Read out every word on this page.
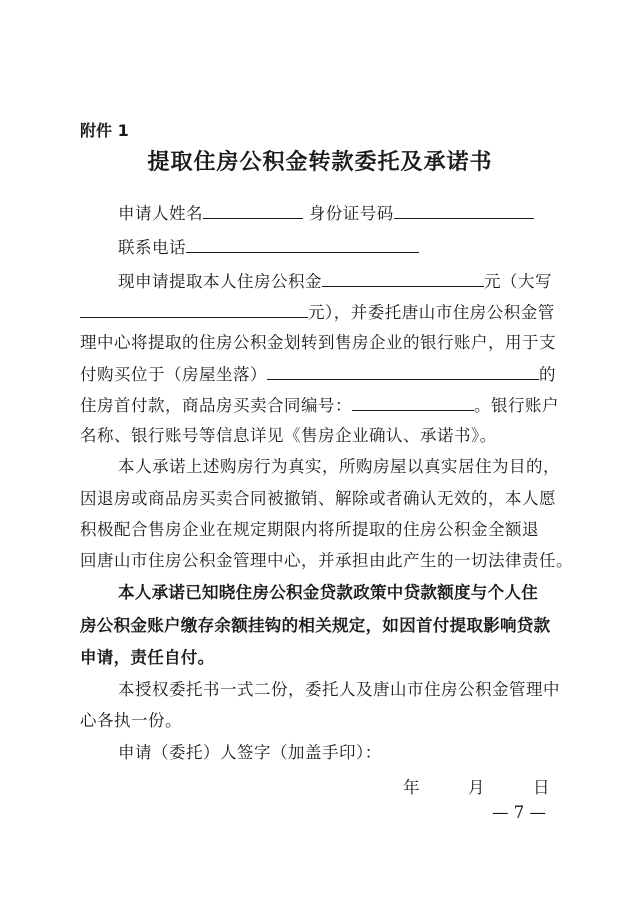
附件 1
提取住房公积金转款委托及承诺书
申请人姓名	身份证号码
联系电话
现申请提取本人住房公积金	元（大写
元），并委托唐山市住房公积金管
理中心将提取的住房公积金划转到售房企业的银行账户，用于支
付购买位于（房屋坐落）	的
住房首付款，商品房买卖合同编号：	。银行账户
名称、银行账号等信息详见《售房企业确认、承诺书》。
本人承诺上述购房行为真实，所购房屋以真实居住为目的，
因退房或商品房买卖合同被撤销、解除或者确认无效的，本人愿
积极配合售房企业在规定期限内将所提取的住房公积金全额退
回唐山市住房公积金管理中心，并承担由此产生的一切法律责任。
本人承诺已知晓住房公积金贷款政策中贷款额度与个人住
房公积金账户缴存余额挂钩的相关规定，如因首付提取影响贷款
申请，责任自付。
本授权委托书一式二份，委托人及唐山市住房公积金管理中
心各执一份。
申请（委托）人签字（加盖手印）：
年	月	日
— 7 —
